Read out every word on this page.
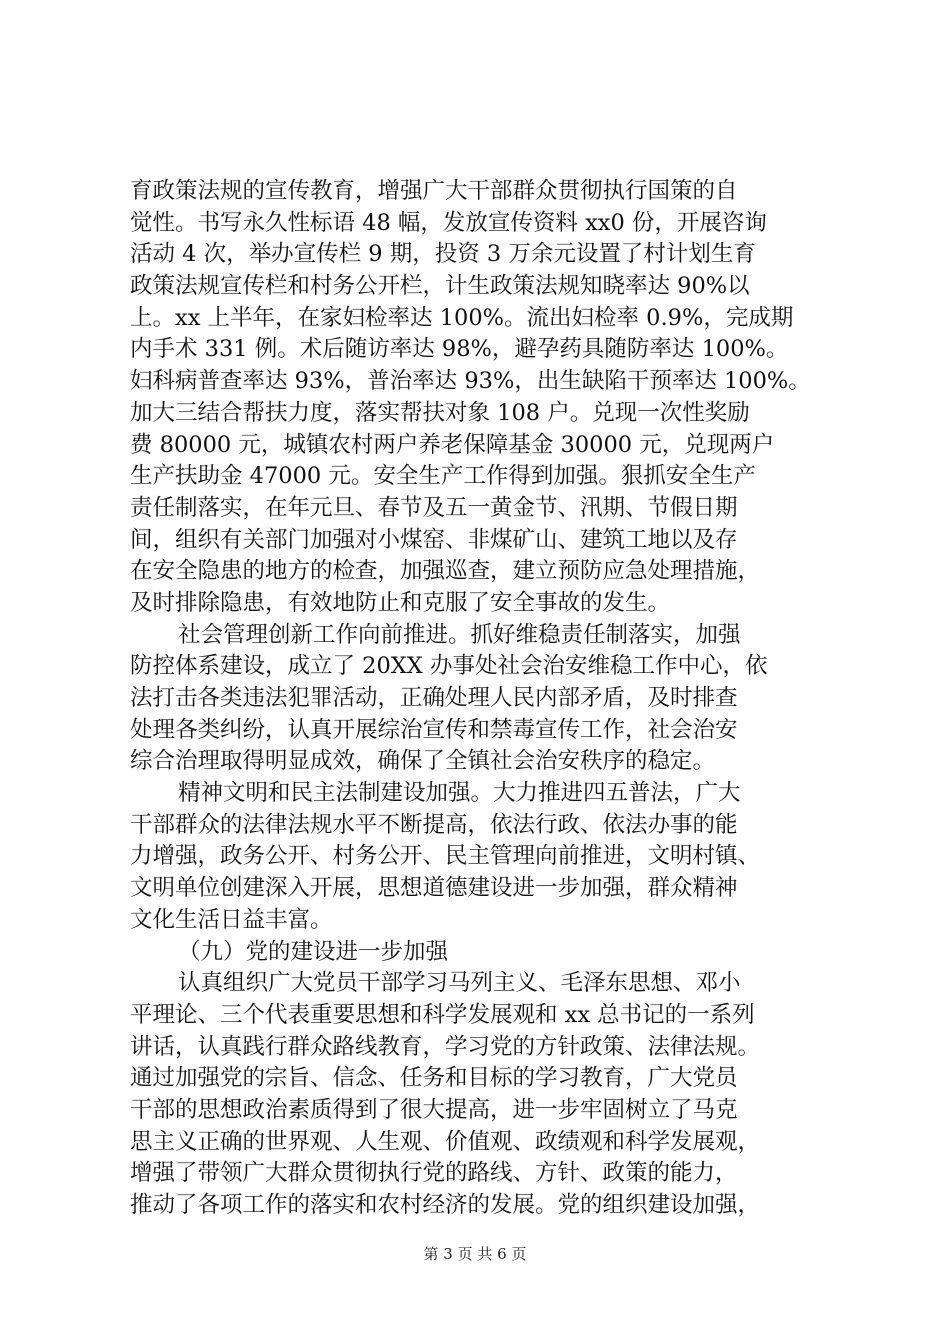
育政策法规的宣传教育，增强广大干部群众贯彻执行国策的自
觉性。书写永久性标语 48 幅，发放宣传资料 xx0 份，开展咨询
活动 4 次，举办宣传栏 9 期，投资 3 万余元设置了村计划生育
政策法规宣传栏和村务公开栏，计生政策法规知晓率达 90%以
上。xx 上半年，在家妇检率达 100%。流出妇检率 0.9%，完成期
内手术 331 例。术后随访率达 98%，避孕药具随防率达 100%。
妇科病普查率达 93%，普治率达 93%，出生缺陷干预率达 100%。
加大三结合帮扶力度，落实帮扶对象 108 户。兑现一次性奖励
费 80000 元，城镇农村两户养老保障基金 30000 元，兑现两户
生产扶助金 47000 元。安全生产工作得到加强。狠抓安全生产
责任制落实，在年元旦、春节及五一黄金节、汛期、节假日期
间，组织有关部门加强对小煤窑、非煤矿山、建筑工地以及存
在安全隐患的地方的检查，加强巡查，建立预防应急处理措施，
及时排除隐患，有效地防止和克服了安全事故的发生。
社会管理创新工作向前推进。抓好维稳责任制落实，加强
防控体系建设，成立了 20XX 办事处社会治安维稳工作中心，依
法打击各类违法犯罪活动，正确处理人民内部矛盾，及时排查
处理各类纠纷，认真开展综治宣传和禁毒宣传工作，社会治安
综合治理取得明显成效，确保了全镇社会治安秩序的稳定。
精神文明和民主法制建设加强。大力推进四五普法，广大
干部群众的法律法规水平不断提高，依法行政、依法办事的能
力增强，政务公开、村务公开、民主管理向前推进，文明村镇、
文明单位创建深入开展，思想道德建设进一步加强，群众精神
文化生活日益丰富。
（九）党的建设进一步加强
认真组织广大党员干部学习马列主义、毛泽东思想、邓小
平理论、三个代表重要思想和科学发展观和 xx 总书记的一系列
讲话，认真践行群众路线教育，学习党的方针政策、法律法规。
通过加强党的宗旨、信念、任务和目标的学习教育，广大党员
干部的思想政治素质得到了很大提高，进一步牢固树立了马克
思主义正确的世界观、人生观、价值观、政绩观和科学发展观，
增强了带领广大群众贯彻执行党的路线、方针、政策的能力，
推动了各项工作的落实和农村经济的发展。党的组织建设加强，
第 3 页 共 6 页
